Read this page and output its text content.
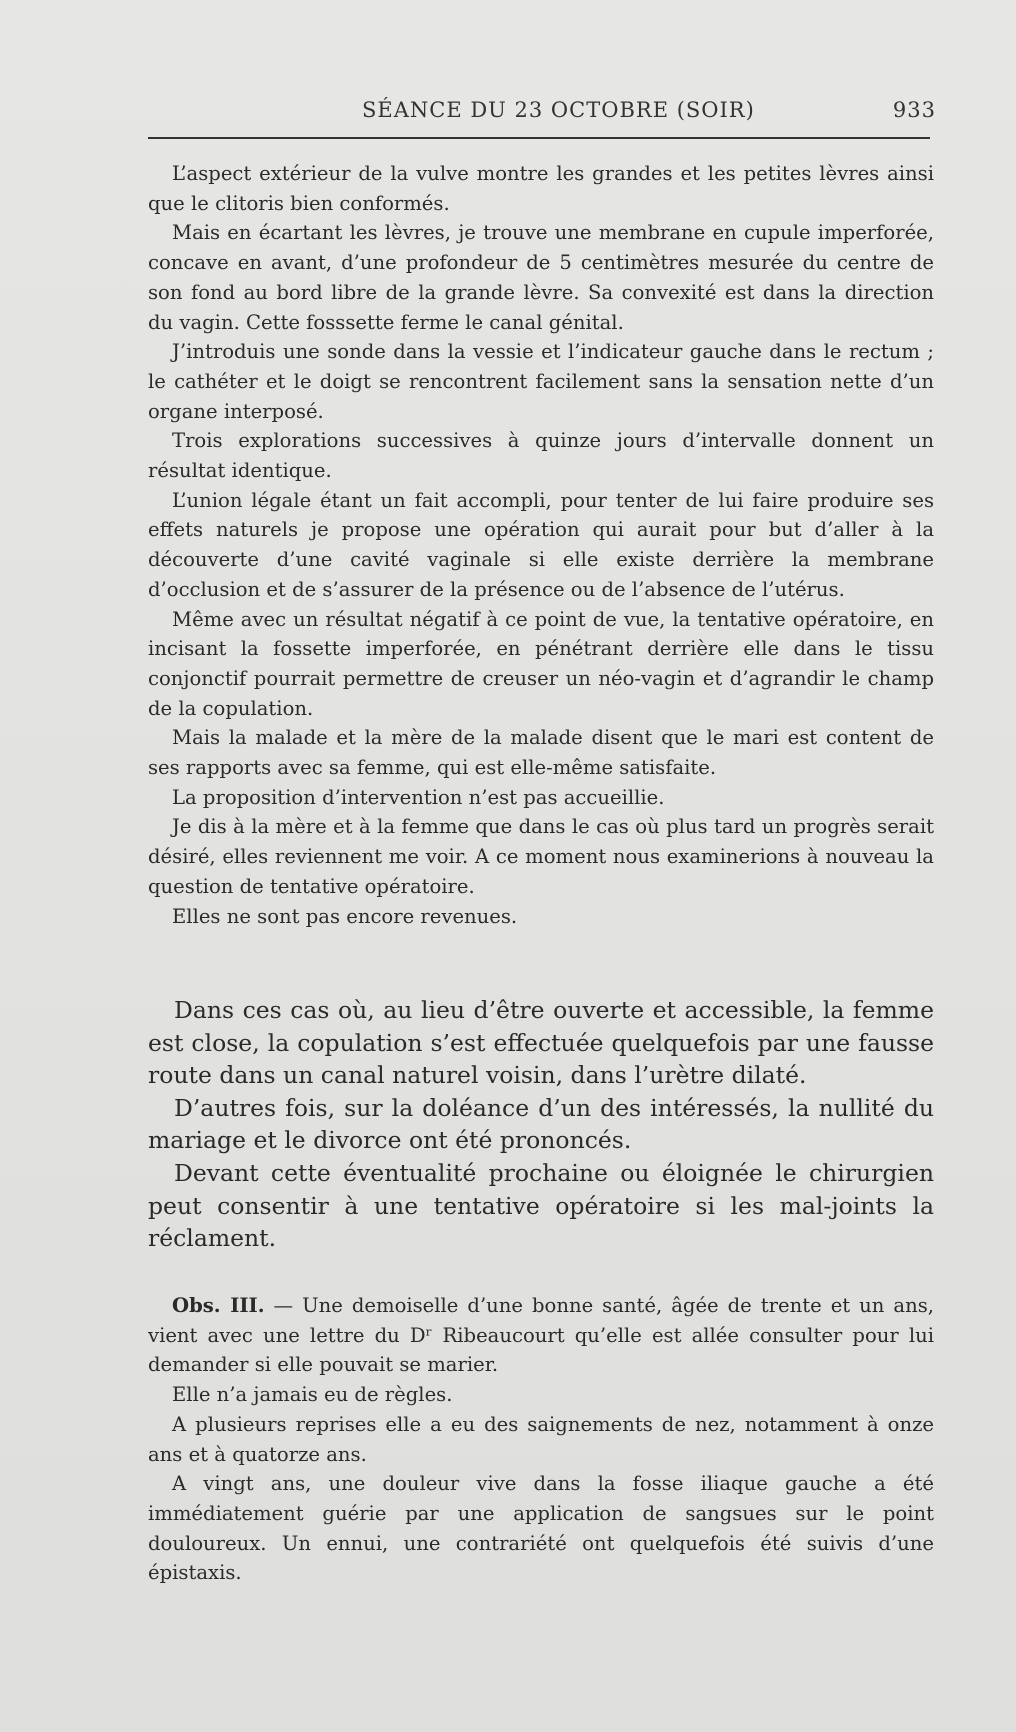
SÉANCE DU 23 OCTOBRE (SOIR)	933

L’aspect extérieur de la vulve montre les grandes et les petites lèvres ainsi que le clitoris bien conformés.

Mais en écartant les lèvres, je trouve une membrane en cupule imperforée, concave en avant, d’une profondeur de 5 centimètres mesurée du centre de son fond au bord libre de la grande lèvre. Sa convexité est dans la direction du vagin. Cette fosssette ferme le canal génital.

J’introduis une sonde dans la vessie et l’indicateur gauche dans le rectum ; le cathéter et le doigt se rencontrent facilement sans la sensation nette d’un organe interposé.

Trois explorations successives à quinze jours d’intervalle donnent un résultat identique.

L’union légale étant un fait accompli, pour tenter de lui faire produire ses effets naturels je propose une opération qui aurait pour but d’aller à la découverte d’une cavité vaginale si elle existe derrière la membrane d’occlusion et de s’assurer de la présence ou de l’absence de l’utérus.

Même avec un résultat négatif à ce point de vue, la tentative opératoire, en incisant la fossette imperforée, en pénétrant derrière elle dans le tissu conjonctif pourrait permettre de creuser un néo-vagin et d’agrandir le champ de la copulation.

Mais la malade et la mère de la malade disent que le mari est content de ses rapports avec sa femme, qui est elle-même satisfaite.

La proposition d’intervention n’est pas accueillie.

Je dis à la mère et à la femme que dans le cas où plus tard un progrès serait désiré, elles reviennent me voir. A ce moment nous examinerions à nouveau la question de tentative opératoire.

Elles ne sont pas encore revenues.

Dans ces cas où, au lieu d’être ouverte et accessible, la femme est close, la copulation s’est effectuée quelquefois par une fausse route dans un canal naturel voisin, dans l’urètre dilaté.

D’autres fois, sur la doléance d’un des intéressés, la nullité du mariage et le divorce ont été prononcés.

Devant cette éventualité prochaine ou éloignée le chirurgien peut consentir à une tentative opératoire si les mal-joints la réclament.

Obs. III. — Une demoiselle d’une bonne santé, âgée de trente et un ans, vient avec une lettre du Dʳ Ribeaucourt qu’elle est allée consulter pour lui demander si elle pouvait se marier.

Elle n’a jamais eu de règles.

A plusieurs reprises elle a eu des saignements de nez, notamment à onze ans et à quatorze ans.

A vingt ans, une douleur vive dans la fosse iliaque gauche a été immédiatement guérie par une application de sangsues sur le point douloureux. Un ennui, une contrariété ont quelquefois été suivis d’une épistaxis.
